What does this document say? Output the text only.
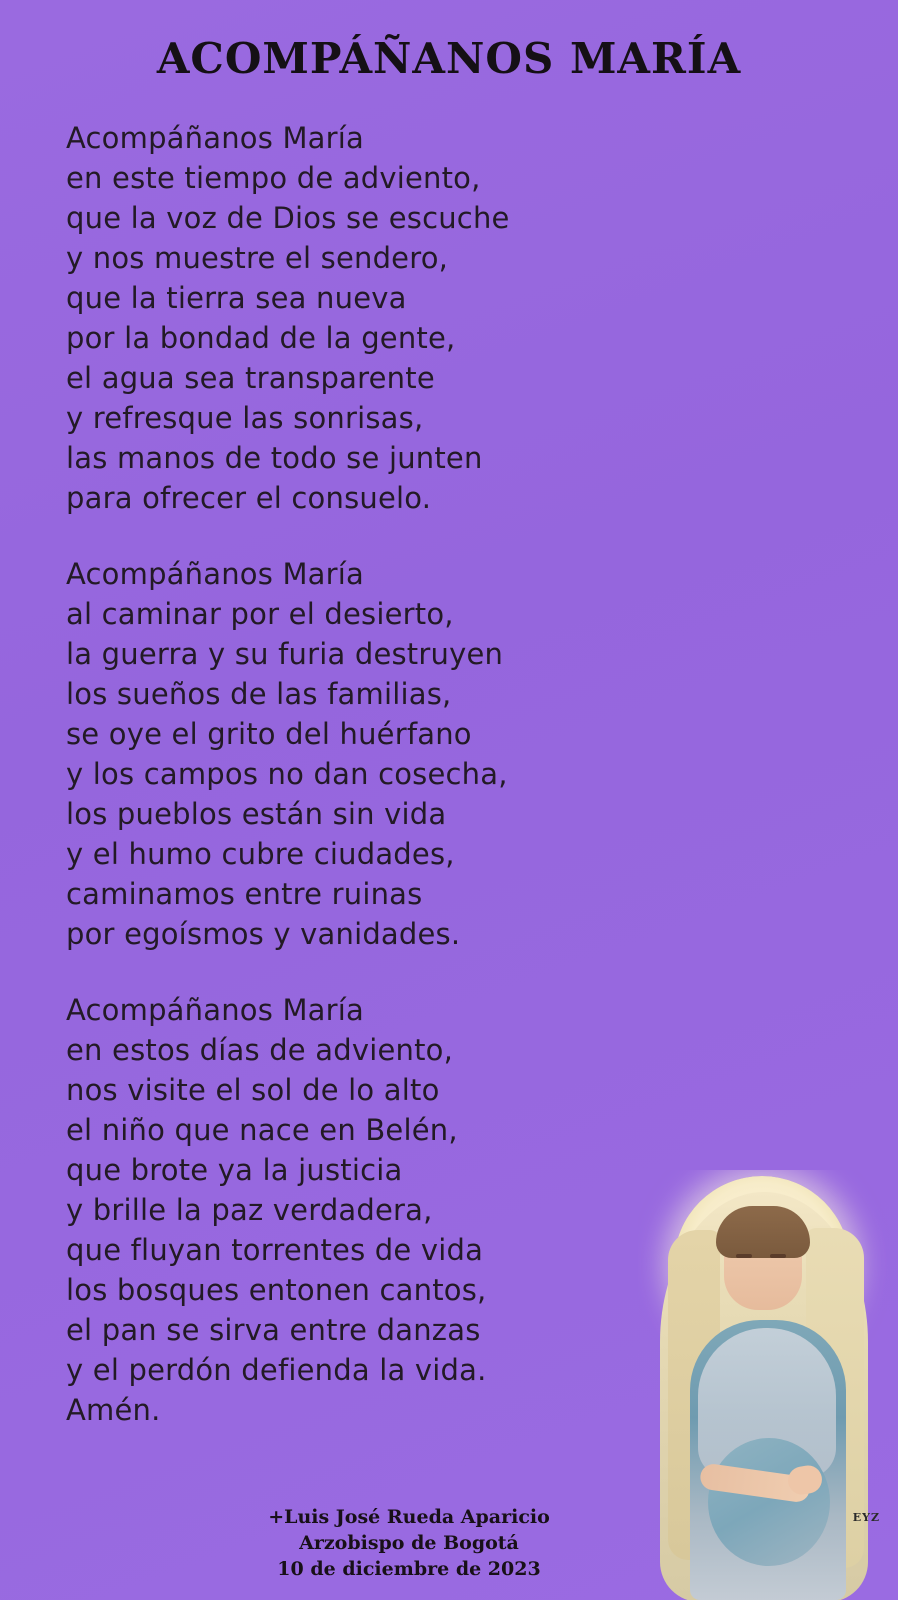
ACOMPÁÑANOS MARÍA
Acompáñanos María
en este tiempo de adviento,
que la voz de Dios se escuche
y nos muestre el sendero,
que la tierra sea nueva
por la bondad de la gente,
el agua sea transparente
y refresque las sonrisas,
las manos de todo se junten
para ofrecer el consuelo.
Acompáñanos María
al caminar por el desierto,
la guerra y su furia destruyen
los sueños de las familias,
se oye el grito del huérfano
y los campos no dan cosecha,
los pueblos están sin vida
y el humo cubre ciudades,
caminamos entre ruinas
por egoísmos y vanidades.
Acompáñanos María
en estos días de adviento,
nos visite el sol de lo alto
el niño que nace en Belén,
que brote ya la justicia
y brille la paz verdadera,
que fluyan torrentes de vida
los bosques entonen cantos,
el pan se sirva entre danzas
y el perdón defienda la vida.
Amén.
EYZ
+Luis José Rueda Aparicio
Arzobispo de Bogotá
10 de diciembre de 2023
